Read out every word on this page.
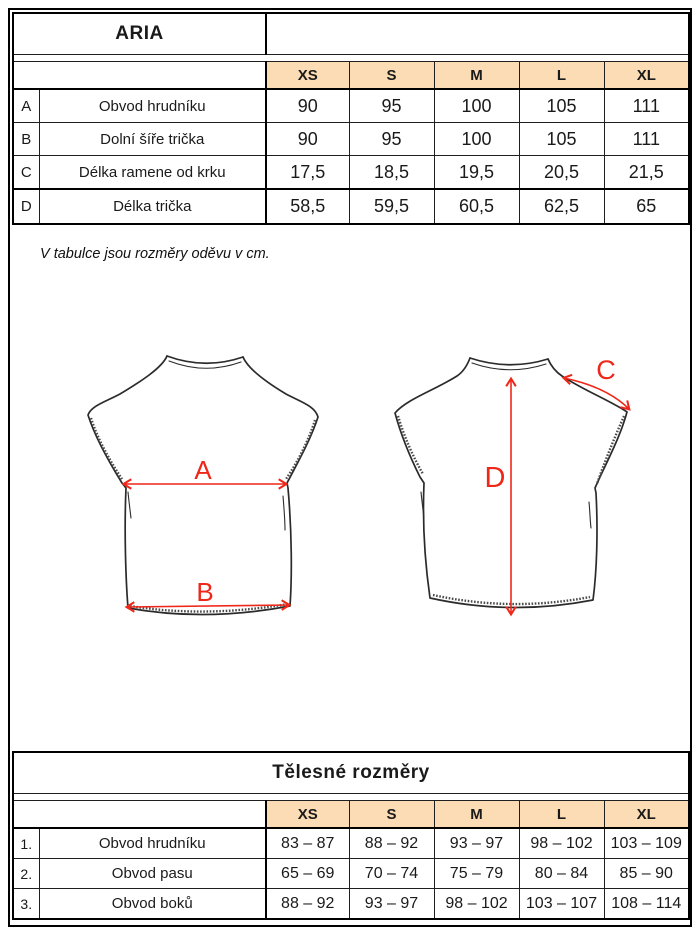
ARIA						

		XS	S	M	L	XL
A	Obvod hrudníku	90	95	100	105	111
B	Dolní šíře trička	90	95	100	105	111
C	Délka ramene od krku	17,5	18,5	19,5	20,5	21,5
D	Délka trička	58,5	59,5	60,5	62,5	65
V tabulce jsou rozměry oděvu v cm.
A
B
D
C
Tělesné rozměry						

		XS	S	M	L	XL
1.	Obvod hrudníku	83 – 87	88 – 92	93 – 97	98 – 102	103 – 109
2.	Obvod pasu	65 – 69	70 – 74	75 – 79	80 – 84	85 – 90
3.	Obvod boků	88 – 92	93 – 97	98 – 102	103 – 107	108 – 114
